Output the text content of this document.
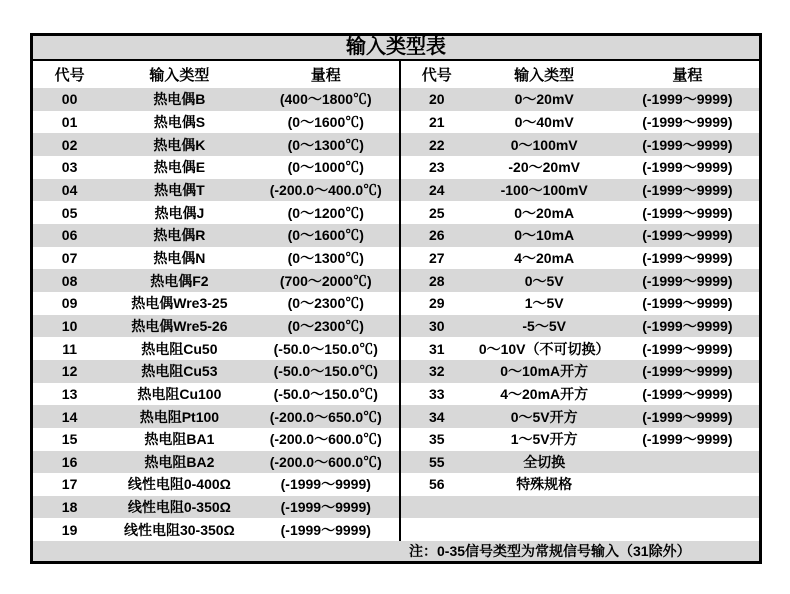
输入类型表
代号	输入类型	量程	代号	输入类型	量程
00	热电偶B	(400～1800℃)	20	0～20mV	(-1999～9999)
01	热电偶S	(0～1600℃)	21	0～40mV	(-1999～9999)
02	热电偶K	(0～1300℃)	22	0～100mV	(-1999～9999)
03	热电偶E	(0～1000℃)	23	-20～20mV	(-1999～9999)
04	热电偶T	(-200.0～400.0℃)	24	-100～100mV	(-1999～9999)
05	热电偶J	(0～1200℃)	25	0～20mA	(-1999～9999)
06	热电偶R	(0～1600℃)	26	0～10mA	(-1999～9999)
07	热电偶N	(0～1300℃)	27	4～20mA	(-1999～9999)
08	热电偶F2	(700～2000℃)	28	0～5V	(-1999～9999)
09	热电偶Wre3-25	(0～2300℃)	29	1～5V	(-1999～9999)
10	热电偶Wre5-26	(0～2300℃)	30	-5～5V	(-1999～9999)
11	热电阻Cu50	(-50.0～150.0℃)	31	0～10V（不可切换）	(-1999～9999)
12	热电阻Cu53	(-50.0～150.0℃)	32	0～10mA开方	(-1999～9999)
13	热电阻Cu100	(-50.0～150.0℃)	33	4～20mA开方	(-1999～9999)
14	热电阻Pt100	(-200.0～650.0℃)	34	0～5V开方	(-1999～9999)
15	热电阻BA1	(-200.0～600.0℃)	35	1～5V开方	(-1999～9999)
16	热电阻BA2	(-200.0～600.0℃)	55	全切换
17	线性电阻0-400Ω	(-1999～9999)	56	特殊规格
18	线性电阻0-350Ω	(-1999～9999)
19	线性电阻30-350Ω	(-1999～9999)
注：0-35信号类型为常规信号输入（31除外）
